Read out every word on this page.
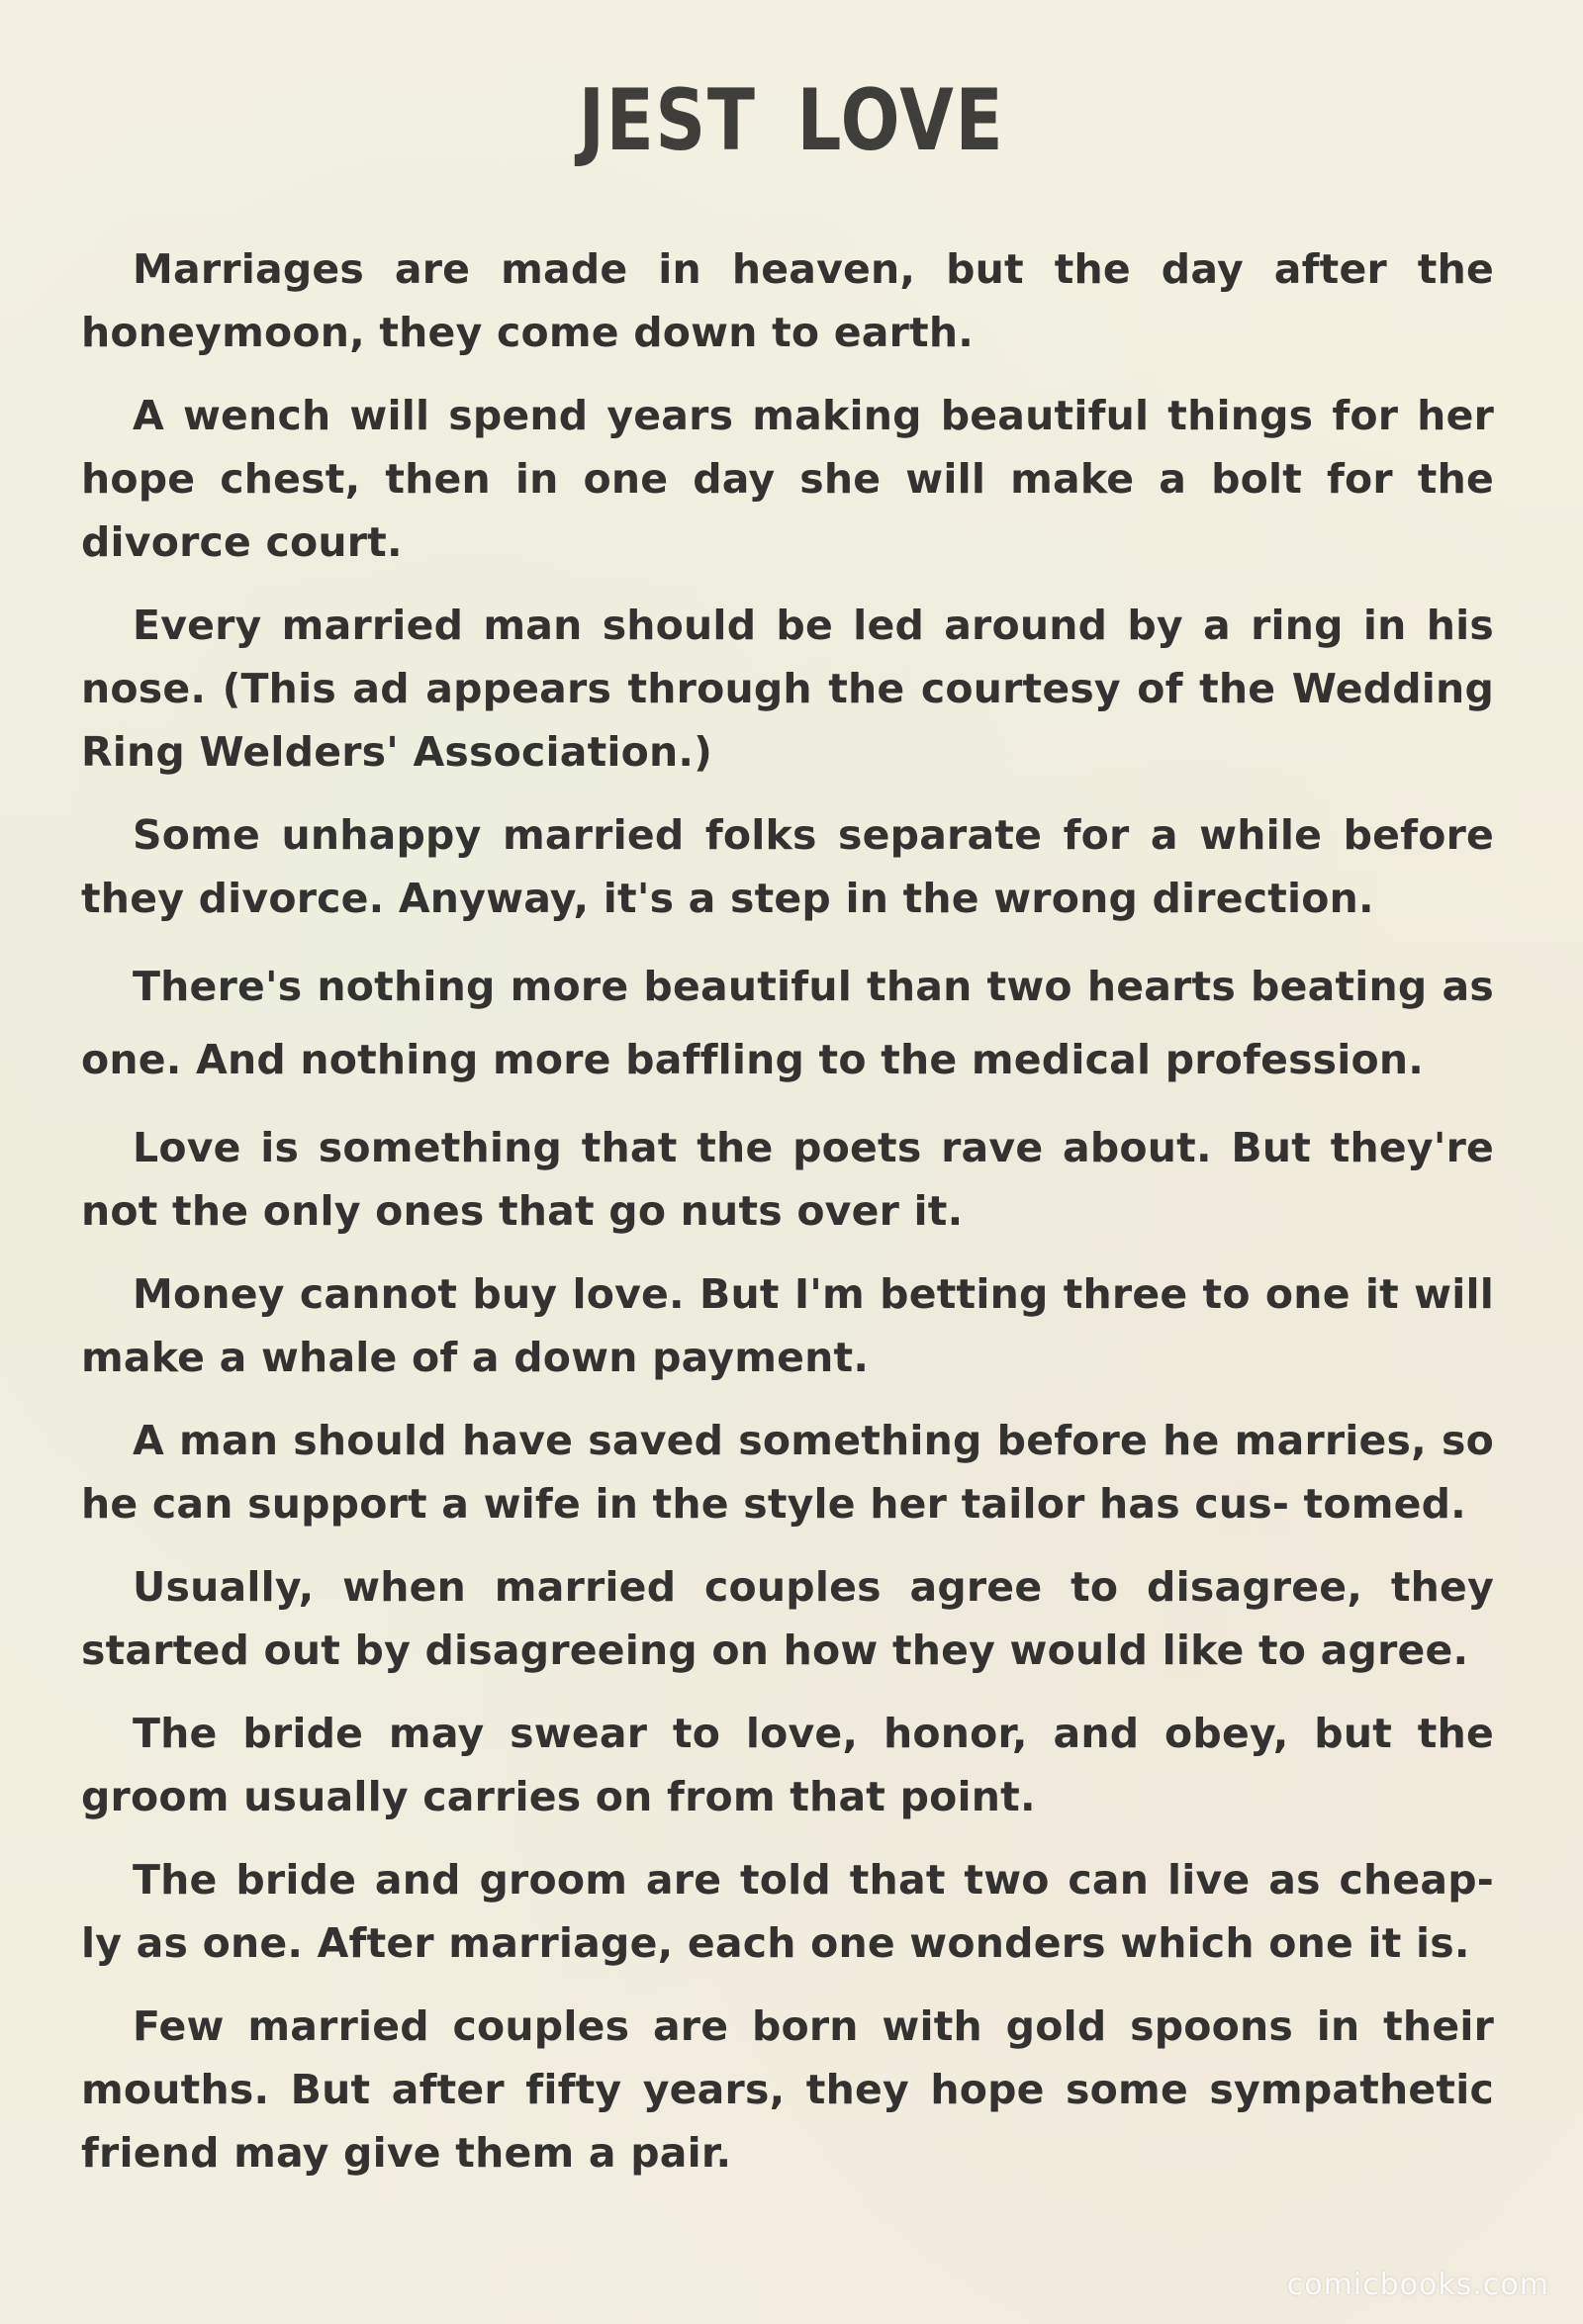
JEST LOVE

Marriages are made in heaven, but the day after the honeymoon, they come down to earth.

A wench will spend years making beautiful things for her hope chest, then in one day she will make a bolt for the divorce court.

Every married man should be led around by a ring in his nose. (This ad appears through the courtesy of the Wedding Ring Welders' Association.)

Some unhappy married folks separate for a while before they divorce. Anyway, it's a step in the wrong direction.

There's nothing more beautiful than two hearts beating as one. And nothing more baffling to the medical profession.

Love is something that the poets rave about. But they're not the only ones that go nuts over it.

Money cannot buy love. But I'm betting three to one it will make a whale of a down payment.

A man should have saved something before he marries, so he can support a wife in the style her tailor has cus- tomed.

Usually, when married couples agree to disagree, they started out by disagreeing on how they would like to agree.

The bride may swear to love, honor, and obey, but the groom usually carries on from that point.

The bride and groom are told that two can live as cheap- ly as one. After marriage, each one wonders which one it is.

Few married couples are born with gold spoons in their mouths. But after fifty years, they hope some sympathetic friend may give them a pair.

comicbooks.com
